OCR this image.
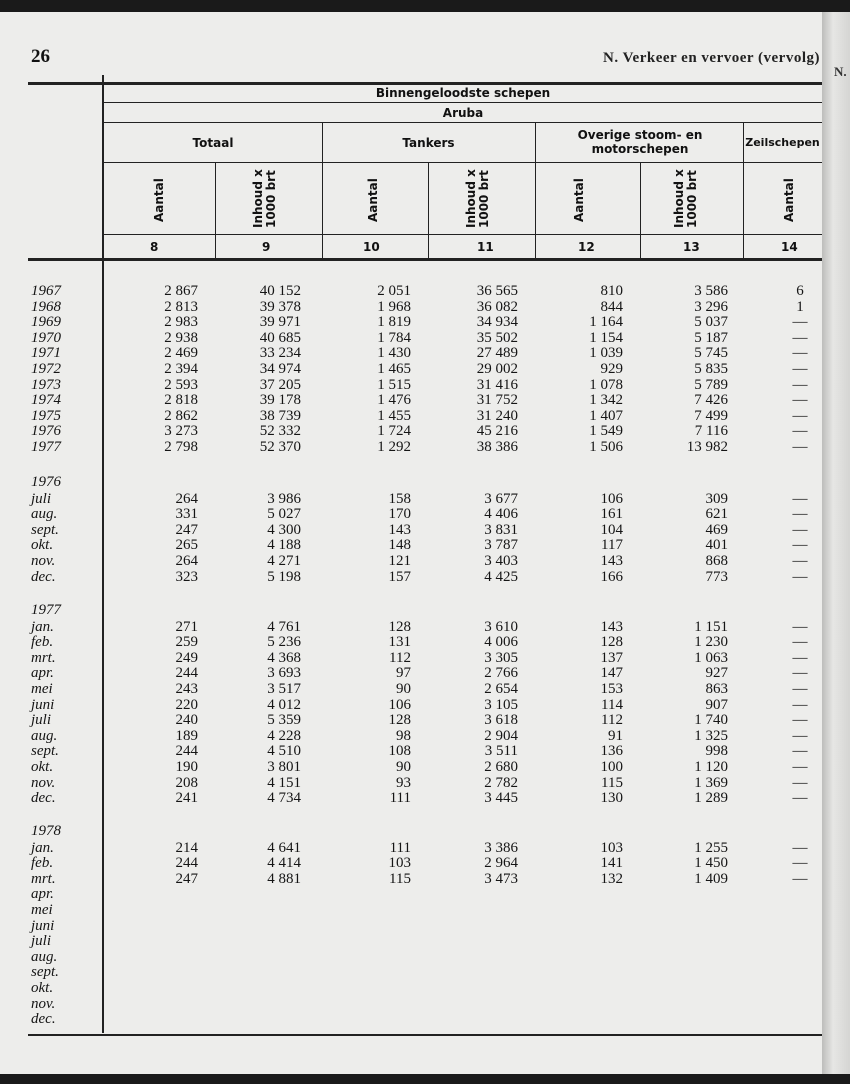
N.
26	N. Verkeer en vervoer (vervolg)
Binnengeloodste schepen
Aruba
Totaal	Tankers
Overige stoom- en motorschepen	Zeilschepen
Aantal	Inhoud x 1000 brt	Aantal	Inhoud x 1000 brt	Aantal	Inhoud x 1000 brt	Aantal
8	9	10	11	12	13	14
1967	2 867	40 152	2 051	36 565	810	3 586	6
1968	2 813	39 378	1 968	36 082	844	3 296	1
1969	2 983	39 971	1 819	34 934	1 164	5 037	—
1970	2 938	40 685	1 784	35 502	1 154	5 187	—
1971	2 469	33 234	1 430	27 489	1 039	5 745	—
1972	2 394	34 974	1 465	29 002	929	5 835	—
1973	2 593	37 205	1 515	31 416	1 078	5 789	—
1974	2 818	39 178	1 476	31 752	1 342	7 426	—
1975	2 862	38 739	1 455	31 240	1 407	7 499	—
1976	3 273	52 332	1 724	45 216	1 549	7 116	—
1977	2 798	52 370	1 292	38 386	1 506	13 982	—
1976
juli	264	3 986	158	3 677	106	309	—
aug.	331	5 027	170	4 406	161	621	—
sept.	247	4 300	143	3 831	104	469	—
okt.	265	4 188	148	3 787	117	401	—
nov.	264	4 271	121	3 403	143	868	—
dec.	323	5 198	157	4 425	166	773	—
1977
jan.	271	4 761	128	3 610	143	1 151	—
feb.	259	5 236	131	4 006	128	1 230	—
mrt.	249	4 368	112	3 305	137	1 063	—
apr.	244	3 693	97	2 766	147	927	—
mei	243	3 517	90	2 654	153	863	—
juni	220	4 012	106	3 105	114	907	—
juli	240	5 359	128	3 618	112	1 740	—
aug.	189	4 228	98	2 904	91	1 325	—
sept.	244	4 510	108	3 511	136	998	—
okt.	190	3 801	90	2 680	100	1 120	—
nov.	208	4 151	93	2 782	115	1 369	—
dec.	241	4 734	111	3 445	130	1 289	—
1978
jan.	214	4 641	111	3 386	103	1 255	—
feb.	244	4 414	103	2 964	141	1 450	—
mrt.	247	4 881	115	3 473	132	1 409	—
apr.
mei
juni
juli
aug.
sept.
okt.
nov.
dec.
